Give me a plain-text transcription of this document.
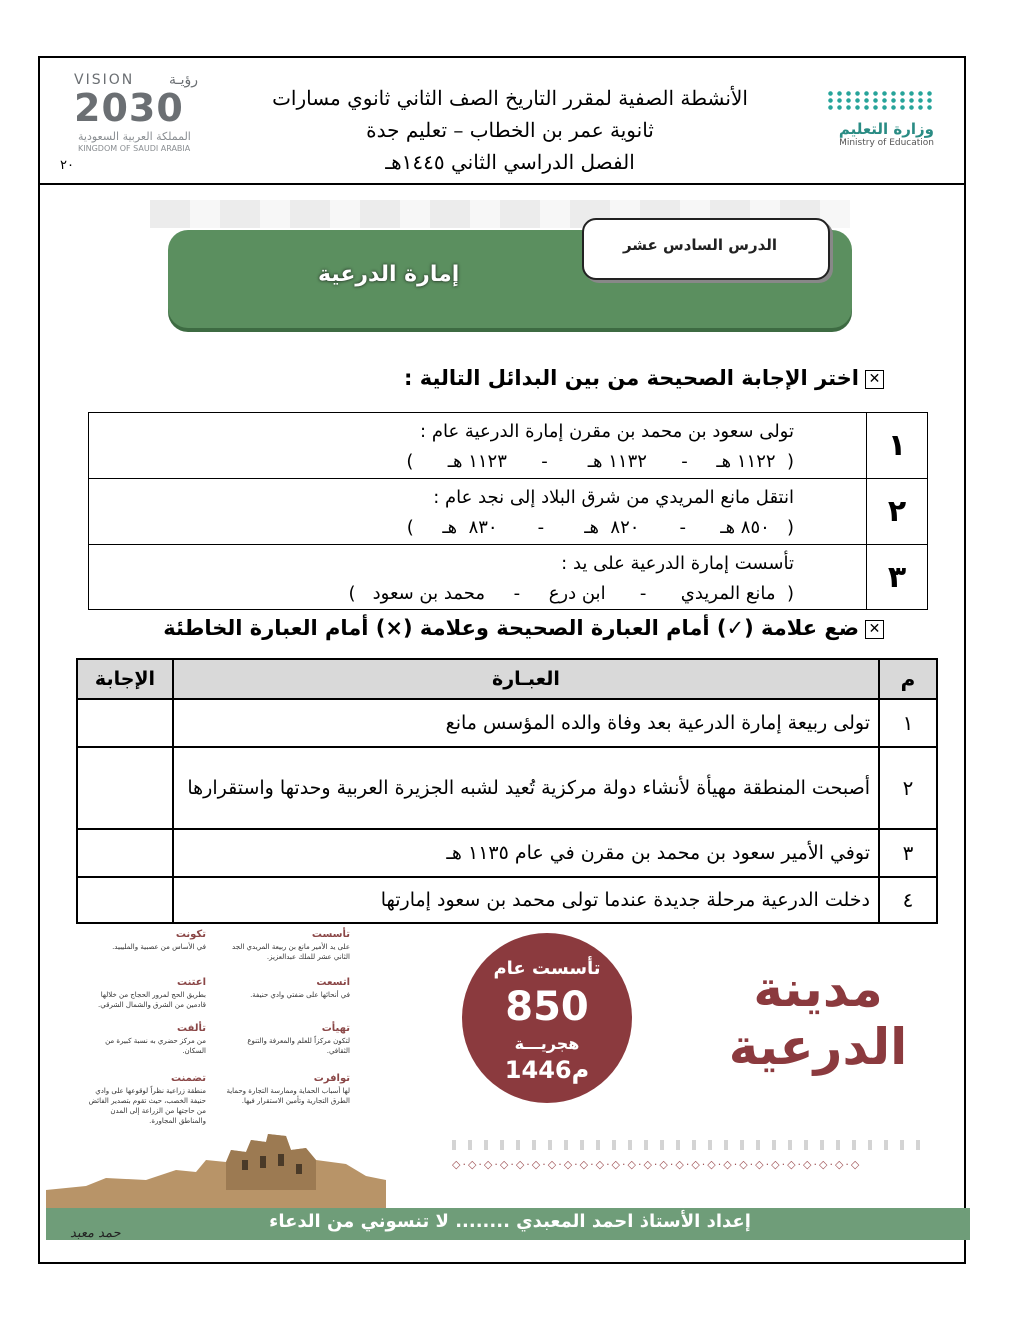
VISION رؤيـة
2030
المملكة العربية السعودية
KINGDOM OF SAUDI ARABIA
وزارة التعليم
Ministry of Education
الأنشطة الصفية لمقرر التاريخ الصف الثاني ثانوي مسارات
ثانوية عمر بن الخطاب – تعليم جدة
الفصل الدراسي الثاني ١٤٤٥هـ
٢٠
إمارة الدرعية
الدرس السادس عشر
✕اختر الإجابة الصحيحة من بين البدائل التالية :
١	تولى سعود بن محمد بن مقرن إمارة الدرعية عام :
(  ١١٢٢ هـ     -      ١١٣٢ هـ       -      ١١٢٣ هـ      )

٢	انتقل مانع المريدي من شرق البلاد إلى نجد عام :
(   ٨٥٠ هـ      -       ٨٢٠  هـ       -       ٨٣٠  هـ     )

٣	تأسست إمارة الدرعية على يد :
(  مانع المريدي      -      ابن درع     -     محمد بن سعود   )
✕ضع علامة (✓) أمام العبارة الصحيحة وعلامة (×) أمام العبارة الخاطئة
م	العبـارة	الإجابة
١	تولى ربيعة إمارة الدرعية بعد وفاة والده المؤسس مانع	
٢	أصبحت المنطقة مهيأة لأنشاء دولة مركزية تُعيد لشبه الجزيرة العربية وحدتها واستقرارها	
٣	توفي الأمير سعود بن محمد بن مقرن في عام ١١٣٥ هـ	
٤	دخلت الدرعية مرحلة جديدة عندما تولى محمد بن سعود إمارتها	
تكونت
في الأساس من عصبية والمليبيد.
اعتنت
بطريق الحج لمرور الحجاج من خلالها قادمين من الشرق والشمال الشرقي.
تألفت
من مركز حضري به نسبة كبيرة من السكان.
تضمنت
منطقة زراعية نظراً لوقوعها على وادي حنيفة الخصب، حيث تقوم بتصدير الفائض من حاجتها من الزراعة إلى المدن والمناطق المجاورة.
تأسست
على يد الأمير مانع بن ربيعة المريدي الجد الثاني عشر للملك عبدالعزيز.
اتسعت
في أنحائها على ضفتي وادي حنيفة.
تهيأت
لتكون مركزاً للعلم والمعرفة والتنوع الثقافي.
توافرت
لها أسباب الحماية وممارسة التجارة وحماية الطرق التجارية وتأمين الاستقرار فيها.
تأسست عام
850
هجريـــة
1446م
مدينة الدرعية
◇·◇·◇·◇·◇·◇·◇·◇·◇·◇·◇·◇·◇·◇·◇·◇·◇·◇·◇·◇·◇·◇·◇·◇·◇·◇
إعداد الأستاذ احمد المعبدي ........ لا تنسوني من الدعاء
حمد معبد
